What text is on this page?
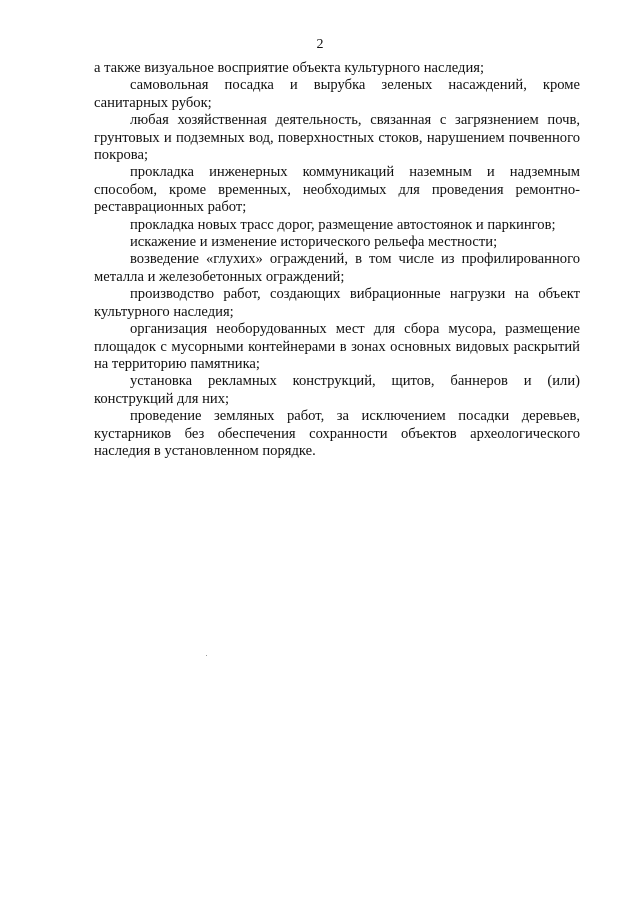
2

а также визуальное восприятие объекта культурного наследия;

самовольная посадка и вырубка зеленых насаждений, кроме санитарных рубок;

любая хозяйственная деятельность, связанная с загрязнением почв, грунтовых и подземных вод, поверхностных стоков, нарушением почвенного покрова;

прокладка инженерных коммуникаций наземным и надземным способом, кроме временных, необходимых для проведения ремонтно-реставрационных работ;

прокладка новых трасс дорог, размещение автостоянок и паркингов;

искажение и изменение исторического рельефа местности;

возведение «глухих» ограждений, в том числе из профилированного металла и железобетонных ограждений;

производство работ, создающих вибрационные нагрузки на объект культурного наследия;

организация необорудованных мест для сбора мусора, размещение площадок с мусорными контейнерами в зонах основных видовых раскрытий на территорию памятника;

установка рекламных конструкций, щитов, баннеров и (или) конструкций для них;

проведение земляных работ, за исключением посадки деревьев, кустарников без обеспечения сохранности объектов археологического наследия в установленном порядке.
